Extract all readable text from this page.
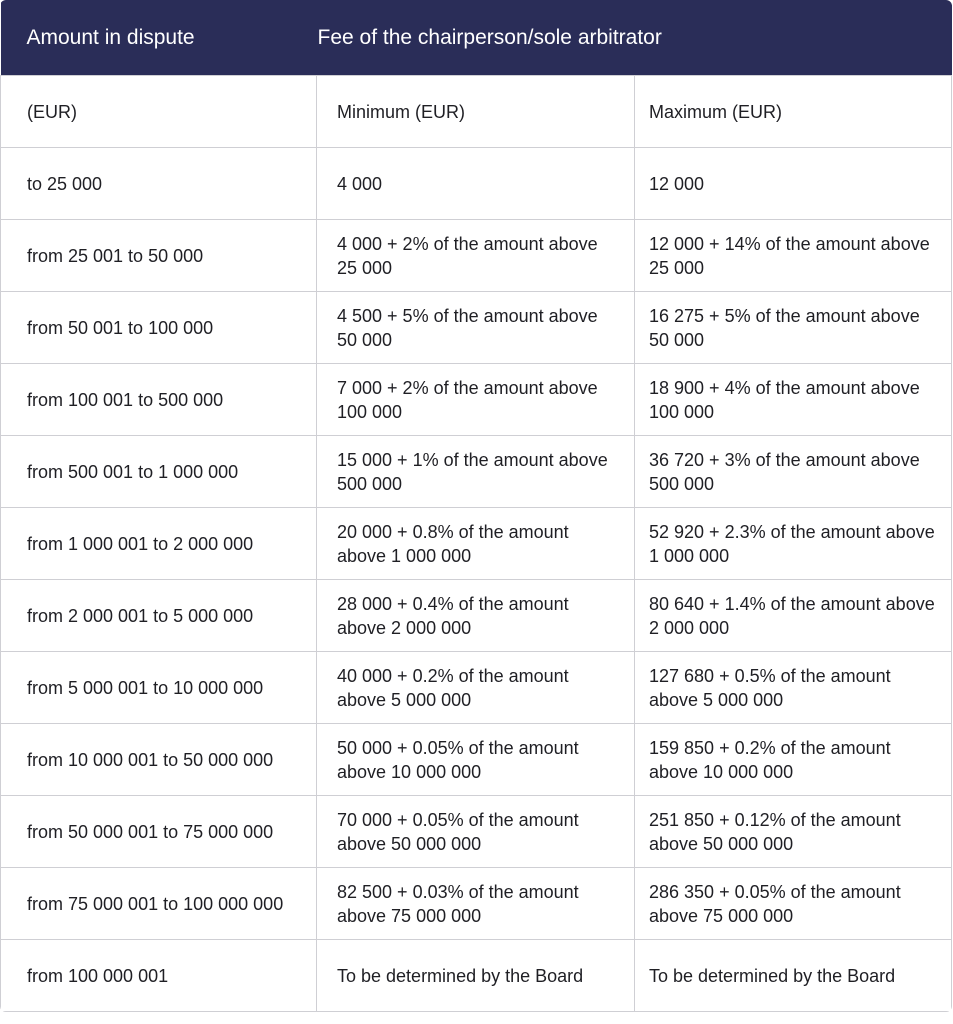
Amount in dispute	Fee of the chairperson/sole arbitrator	
(EUR)	Minimum (EUR)	Maximum (EUR)
to 25 000	4 000	12 000
from 25 001 to 50 000	4 000 + 2% of the amount above 25 000	12 000 + 14% of the amount above 25 000
from 50 001 to 100 000	4 500 + 5% of the amount above 50 000	16 275 + 5% of the amount above 50 000
from 100 001 to 500 000	7 000 + 2% of the amount above 100 000	18 900 + 4% of the amount above 100 000
from 500 001 to 1 000 000	15 000 + 1% of the amount above 500 000	36 720 + 3% of the amount above 500 000
from 1 000 001 to 2 000 000	20 000 + 0.8% of the amount above 1 000 000	52 920 + 2.3% of the amount above 1 000 000
from 2 000 001 to 5 000 000	28 000 + 0.4% of the amount above 2 000 000	80 640 + 1.4% of the amount above 2 000 000
from 5 000 001 to 10 000 000	40 000 + 0.2% of the amount above 5 000 000	127 680 + 0.5% of the amount above 5 000 000
from 10 000 001 to 50 000 000	50 000 + 0.05% of the amount above 10 000 000	159 850 + 0.2% of the amount above 10 000 000
from 50 000 001 to 75 000 000	70 000 + 0.05% of the amount above 50 000 000	251 850 + 0.12% of the amount above 50 000 000
from 75 000 001 to 100 000 000	82 500 + 0.03% of the amount above 75 000 000	286 350 + 0.05% of the amount above 75 000 000
from 100 000 001	To be determined by the Board	To be determined by the Board
